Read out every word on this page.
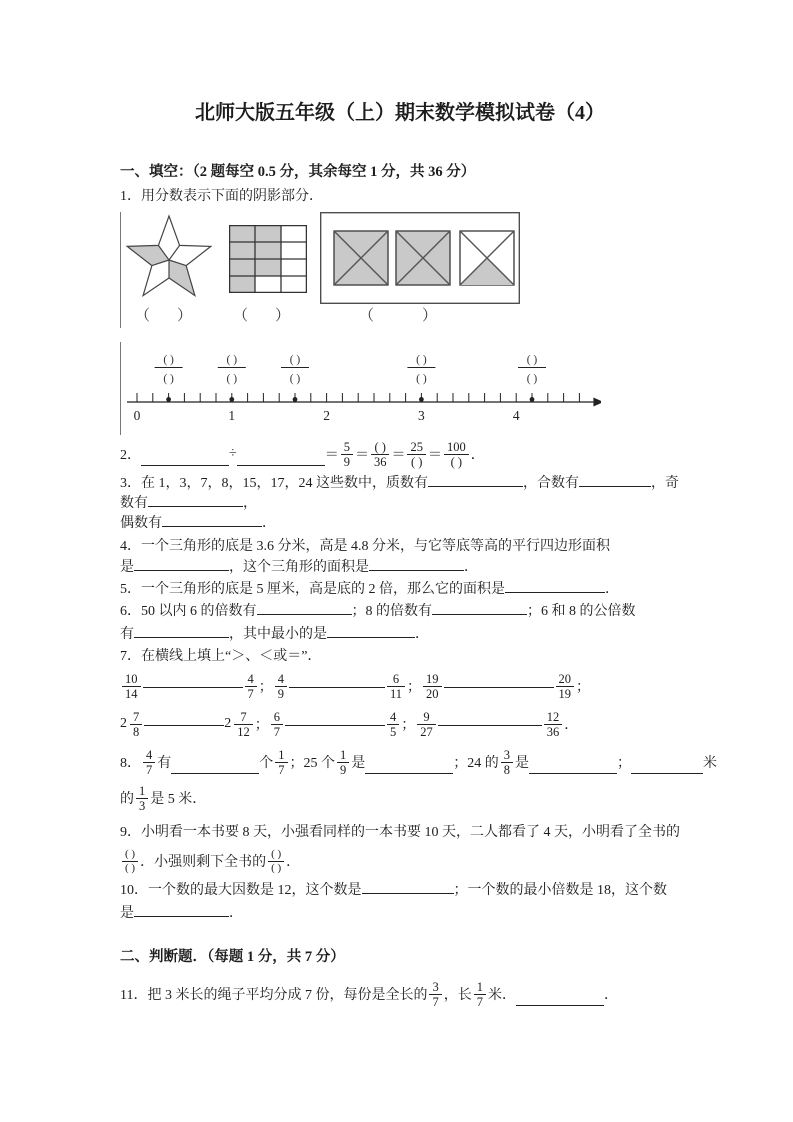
北师大版五年级（上）期末数学模拟试卷（4）
一、填空：（2 题每空 0.5 分，其余每空 1 分，共 36 分）
1．用分数表示下面的阴影部分．
（　） （　）	（　　）
0	1	2	3	4
( )
( )
( )
( )
( )
( )
( )
( )
( )
( )
2．	÷	＝ $\frac{5}{9} = \frac{( )}{36} = \frac{25}{( )} = \frac{100}{( )}$ ．
3．在 1，3，7，8，15，17，24 这些数中，质数有	，合数有	，奇
数有	，
偶数有	．
4．一个三角形的底是 3.6 分米，高是 4.8 分米，与它等底等高的平行四边形面积
是	，这个三角形的面积是	．
5．一个三角形的底是 5 厘米，高是底的 2 倍，那么它的面积是	．
6．50 以内 6 的倍数有	；8 的倍数有	；6 和 8 的公倍数
有	，其中最小的是	．
7．在横线上填上“＞、＜或＝”．
$\frac{10}{14}$	$\frac{4}{7}$ ； $\frac{4}{9}$	$\frac{6}{11}$ ； $\frac{19}{20}$	$\frac{20}{19}$ ；
$2 \frac{7}{8}$	$2 \frac{7}{12}$ ； $\frac{6}{7}$	$\frac{4}{5}$ ； $\frac{9}{27}$	$\frac{12}{36}$ ．
8． $\frac{4}{7}$ 有	个 $\frac{1}{7}$ ；25 个 $\frac{1}{9}$ 是	；24 的 $\frac{3}{8}$ 是	；	米
的 $\frac{1}{3}$ 是 5 米．
9．小明看一本书要 8 天，小强看同样的一本书要 10 天，二人都看了 4 天，小明看了全书的
$\frac{( )}{( )}$ ．小强则剩下全书的 $\frac{( )}{( )}$ ．
10．一个数的最大因数是 12，这个数是	；一个数的最小倍数是 18，这个数
是	．
二、判断题．（每题 1 分，共 7 分）
11．把 3 米长的绳子平均分成 7 份，每份是全长的 $\frac{3}{7}$ ，长 $\frac{1}{7}$ 米．	．
